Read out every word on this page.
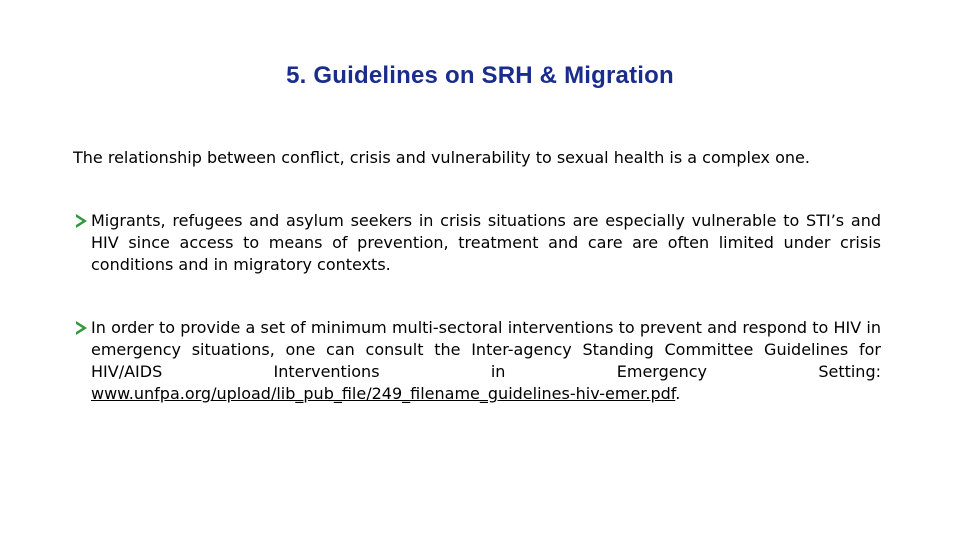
5. Guidelines on SRH & Migration
The relationship between conflict, crisis and vulnerability to sexual health is a complex one.
Migrants, refugees and asylum seekers in crisis situations are especially vulnerable to STI’s and HIV since access to means of prevention, treatment and care are often limited under crisis conditions and in migratory contexts.
In order to provide a set of minimum multi-sectoral interventions to prevent and respond to HIV in emergency situations, one can consult the Inter-agency Standing Committee Guidelines for HIV/AIDS Interventions in Emergency Setting: www.unfpa.org/upload/lib_pub_file/249_filename_guidelines-hiv-emer.pdf.
